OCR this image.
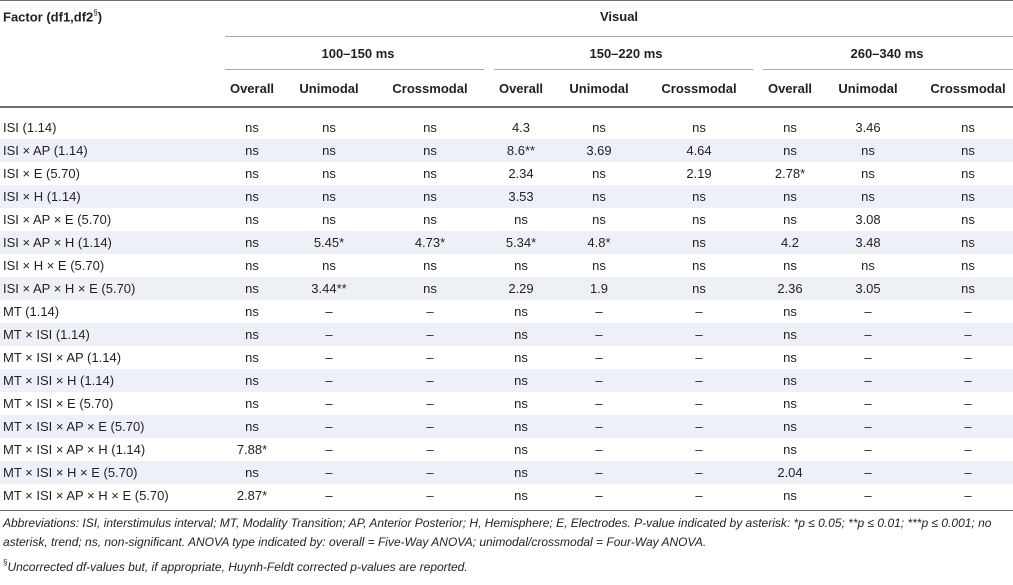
Factor (df1,df2§)	Visual
100–150 ms	150–220 ms	260–340 ms
Overall	Unimodal	Crossmodal	Overall	Unimodal	Crossmodal	Overall	Unimodal	Crossmodal
ISI (1.14)	ns	ns	ns	4.3	ns	ns	ns	3.46	ns
ISI × AP (1.14)	ns	ns	ns	8.6**	3.69	4.64	ns	ns	ns
ISI × E (5.70)	ns	ns	ns	2.34	ns	2.19	2.78*	ns	ns
ISI × H (1.14)	ns	ns	ns	3.53	ns	ns	ns	ns	ns
ISI × AP × E (5.70)	ns	ns	ns	ns	ns	ns	ns	3.08	ns
ISI × AP × H (1.14)	ns	5.45*	4.73*	5.34*	4.8*	ns	4.2	3.48	ns
ISI × H × E (5.70)	ns	ns	ns	ns	ns	ns	ns	ns	ns
ISI × AP × H × E (5.70)	ns	3.44**	ns	2.29	1.9	ns	2.36	3.05	ns
MT (1.14)	ns	–	–	ns	–	–	ns	–	–
MT × ISI (1.14)	ns	–	–	ns	–	–	ns	–	–
MT × ISI × AP (1.14)	ns	–	–	ns	–	–	ns	–	–
MT × ISI × H (1.14)	ns	–	–	ns	–	–	ns	–	–
MT × ISI × E (5.70)	ns	–	–	ns	–	–	ns	–	–
MT × ISI × AP × E (5.70)	ns	–	–	ns	–	–	ns	–	–
MT × ISI × AP × H (1.14)	7.88*	–	–	ns	–	–	ns	–	–
MT × ISI × H × E (5.70)	ns	–	–	ns	–	–	2.04	–	–
MT × ISI × AP × H × E (5.70)	2.87*	–	–	ns	–	–	ns	–	–
Abbreviations: ISI, interstimulus interval; MT, Modality Transition; AP, Anterior Posterior; H, Hemisphere; E, Electrodes. P-value indicated by asterisk: *p ≤ 0.05; **p ≤ 0.01; ***p ≤ 0.001; no asterisk, trend; ns, non-significant. ANOVA type indicated by: overall = Five-Way ANOVA; unimodal/crossmodal = Four-Way ANOVA.
§Uncorrected df-values but, if appropriate, Huynh-Feldt corrected p-values are reported.
